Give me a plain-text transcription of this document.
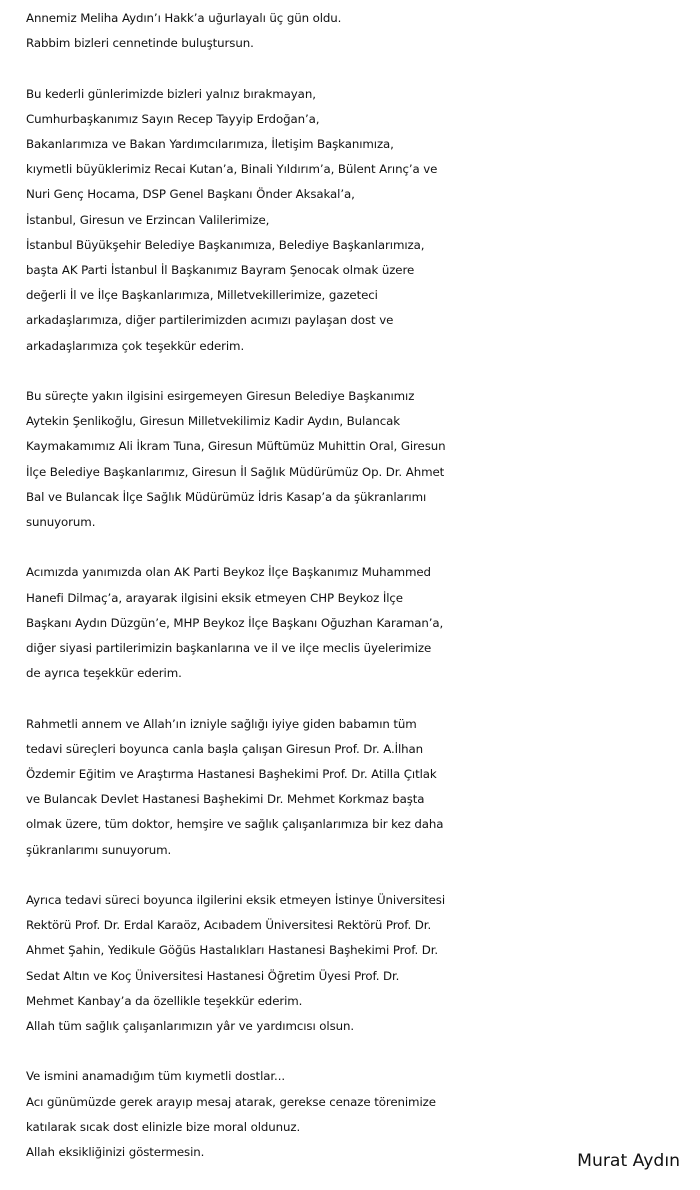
Annemiz Meliha Aydın’ı Hakk’a uğurlayalı üç gün oldu.
Rabbim bizleri cennetinde buluştursun.
Bu kederli günlerimizde bizleri yalnız bırakmayan,
Cumhurbaşkanımız Sayın Recep Tayyip Erdoğan’a,
Bakanlarımıza ve Bakan Yardımcılarımıza, İletişim Başkanımıza,
kıymetli büyüklerimiz Recai Kutan’a, Binali Yıldırım’a, Bülent Arınç’a ve
Nuri Genç Hocama, DSP Genel Başkanı Önder Aksakal’a,
İstanbul, Giresun ve Erzincan Valilerimize,
İstanbul Büyükşehir Belediye Başkanımıza, Belediye Başkanlarımıza,
başta AK Parti İstanbul İl Başkanımız Bayram Şenocak olmak üzere
değerli İl ve İlçe Başkanlarımıza, Milletvekillerimize, gazeteci
arkadaşlarımıza, diğer partilerimizden acımızı paylaşan dost ve
arkadaşlarımıza çok teşekkür ederim.
Bu süreçte yakın ilgisini esirgemeyen Giresun Belediye Başkanımız
Aytekin Şenlikoğlu, Giresun Milletvekilimiz Kadir Aydın, Bulancak
Kaymakamımız Ali İkram Tuna, Giresun Müftümüz Muhittin Oral, Giresun
İlçe Belediye Başkanlarımız, Giresun İl Sağlık Müdürümüz Op. Dr. Ahmet
Bal ve Bulancak İlçe Sağlık Müdürümüz İdris Kasap’a da şükranlarımı
sunuyorum.
Acımızda yanımızda olan AK Parti Beykoz İlçe Başkanımız Muhammed
Hanefi Dilmaç’a, arayarak ilgisini eksik etmeyen CHP Beykoz İlçe
Başkanı Aydın Düzgün’e, MHP Beykoz İlçe Başkanı Oğuzhan Karaman’a,
diğer siyasi partilerimizin başkanlarına ve il ve ilçe meclis üyelerimize
de ayrıca teşekkür ederim.
Rahmetli annem ve Allah’ın izniyle sağlığı iyiye giden babamın tüm
tedavi süreçleri boyunca canla başla çalışan Giresun Prof. Dr. A.İlhan
Özdemir Eğitim ve Araştırma Hastanesi Başhekimi Prof. Dr. Atilla Çıtlak
ve Bulancak Devlet Hastanesi Başhekimi Dr. Mehmet Korkmaz başta
olmak üzere, tüm doktor, hemşire ve sağlık çalışanlarımıza bir kez daha
şükranlarımı sunuyorum.
Ayrıca tedavi süreci boyunca ilgilerini eksik etmeyen İstinye Üniversitesi
Rektörü Prof. Dr. Erdal Karaöz, Acıbadem Üniversitesi Rektörü Prof. Dr.
Ahmet Şahin, Yedikule Göğüs Hastalıkları Hastanesi Başhekimi Prof. Dr.
Sedat Altın ve Koç Üniversitesi Hastanesi Öğretim Üyesi Prof. Dr.
Mehmet Kanbay’a da özellikle teşekkür ederim.
Allah tüm sağlık çalışanlarımızın yâr ve yardımcısı olsun.
Ve ismini anamadığım tüm kıymetli dostlar...
Acı günümüzde gerek arayıp mesaj atarak, gerekse cenaze törenimize
katılarak sıcak dost elinizle bize moral oldunuz.
Allah eksikliğinizi göstermesin.	Murat Aydın
